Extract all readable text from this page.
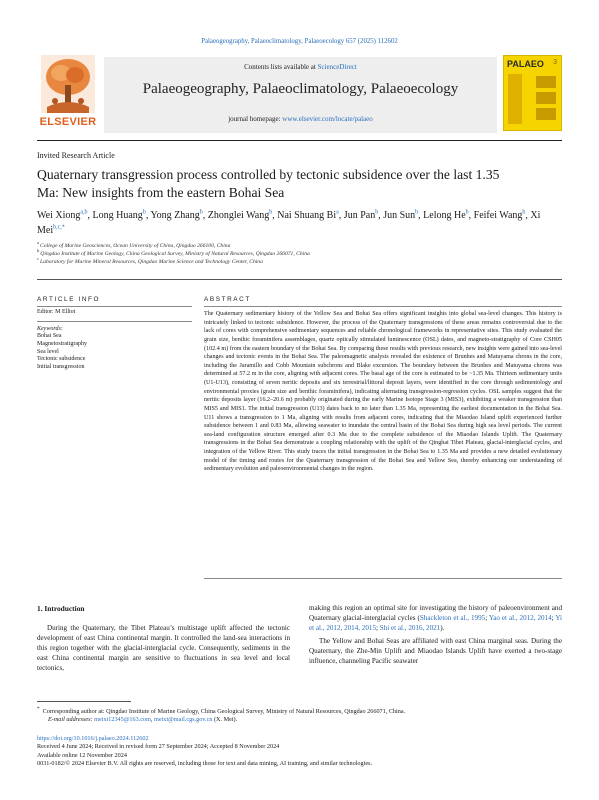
Palaeogeography, Palaeoclimatology, Palaeoecology 657 (2025) 112602
ELSEVIER
Contents lists available at ScienceDirect
Palaeogeography, Palaeoclimatology, Palaeoecology
journal homepage: www.elsevier.com/locate/palaeo
PALAEO 3
Invited Research Article
Quaternary transgression process controlled by tectonic subsidence over the last 1.35 Ma: New insights from the eastern Bohai Sea
Wei Xiong$^{a,b}$, Long Huang$^b$, Yong Zhang$^b$, Zhonglei Wang$^b$, Nai Shuang Bi$^a$, Jun Pan$^b$, Jun Sun$^b$, Lelong He$^b$, Feifei Wang$^b$, Xi Mei$^{b,c,*}$
$^a$College of Marine Geosciences, Ocean University of China, Qingdao 266100, China
$^b$Qingdao Institute of Marine Geology, China Geological Survey, Ministry of Natural Resources, Qingdao 266071, China
$^c$Laboratory for Marine Mineral Resources, Qingdao Marine Science and Technology Center, China
ARTICLE INFO	ABSTRACT
Editor: M Elliot
Keywords:
Bohai Sea
Magnetostratigraphy
Sea level
Tectonic subsidence
Initial transgression
The Quaternary sedimentary history of the Yellow Sea and Bohai Sea offers significant insights into global sea-level changes. This history is intricately linked to tectonic subsidence. However, the process of the Quaternary transgressions of these areas remains controversial due to the lack of cores with comprehensive sedimentary sequences and reliable chronological frameworks in representative sites. This study evaluated the grain size, benthic foraminifera assemblages, quartz optically stimulated luminescence (OSL) dates, and magneto-stratigraphy of Core CSH05 (102.4 m) from the eastern boundary of the Bohai Sea. By comparing these results with previous research, new insights were gained into sea-level changes and tectonic events in the Bohai Sea. The paleomagnetic analysis revealed the existence of Brunhes and Matuyama chrons in the core, including the Jaramillo and Cobb Mountain subchrons and Blake excursion. The boundary between the Brunhes and Matuyama chrons was determined at 57.2 m in the core, aligning with adjacent cores. The basal age of the core is estimated to be ~1.35 Ma. Thirteen sedimentary units (U1-U13), consisting of seven neritic deposits and six terrestrial/littoral deposit layers, were identified in the core through sedimentology and environmental proxies (grain size and benthic foraminifera), indicating alternating transgression-regression cycles. OSL samples suggest that the neritic deposits layer (16.2–20.6 m) probably originated during the early Marine Isotope Stage 3 (MIS3), exhibiting a weaker transgression than MIS5 and MIS1. The initial transgression (U13) dates back to no later than 1.35 Ma, representing the earliest documentation in the Bohai Sea. U11 shows a transgression to 1 Ma, aligning with results from adjacent cores, indicating that the Miaodao Island uplift experienced further subsidence between 1 and 0.83 Ma, allowing seawater to inundate the central basin of the Bohai Sea during high sea level periods. The current sea-land configuration structure emerged after 0.3 Ma due to the complete subsidence of the Miaodao Islands Uplift. The Quaternary transgressions in the Bohai Sea demonstrate a coupling relationship with the uplift of the Qinghai Tibet Plateau, glacial-interglacial cycles, and integration of the Yellow River. This study traces the initial transgression in the Bohai Sea to 1.35 Ma and provides a new detailed evolutionary model of the timing and routes for the Quaternary transgression of the Bohai Sea and Yellow Sea, thereby enhancing our understanding of sedimentary evolution and paleoenvironmental changes in the region.
1. Introduction
During the Quaternary, the Tibet Plateau’s multistage uplift affected the tectonic development of east China continental margin. It controlled the land-sea interactions in this region together with the glacial-interglacial cycle. Consequently, sediments in the east China continental margin are sensitive to fluctuations in sea level and local tectonics,
making this region an optimal site for investigating the history of paleoenvironment and Quaternary glacial-interglacial cycles (Shackleton et al., 1995; Yao et al., 2012, 2014; Yi et al., 2012, 2014, 2015; Shi et al., 2016, 2021).
The Yellow and Bohai Seas are affiliated with east China marginal seas. During the Quaternary, the Zhe-Min Uplift and Miaodao Islands Uplift have exerted a two-stage influence, channeling Pacific seawater
* Corresponding author at: Qingdao Institute of Marine Geology, China Geological Survey, Ministry of Natural Resources, Qingdao 266071, China.
E-mail addresses: meixi12345@163.com, meixi@mail.cgs.gov.cn (X. Mei).
https://doi.org/10.1016/j.palaeo.2024.112602
Received 4 June 2024; Received in revised form 27 September 2024; Accepted 8 November 2024
Available online 12 November 2024
0031-0182/© 2024 Elsevier B.V. All rights are reserved, including those for text and data mining, AI training, and similar technologies.
